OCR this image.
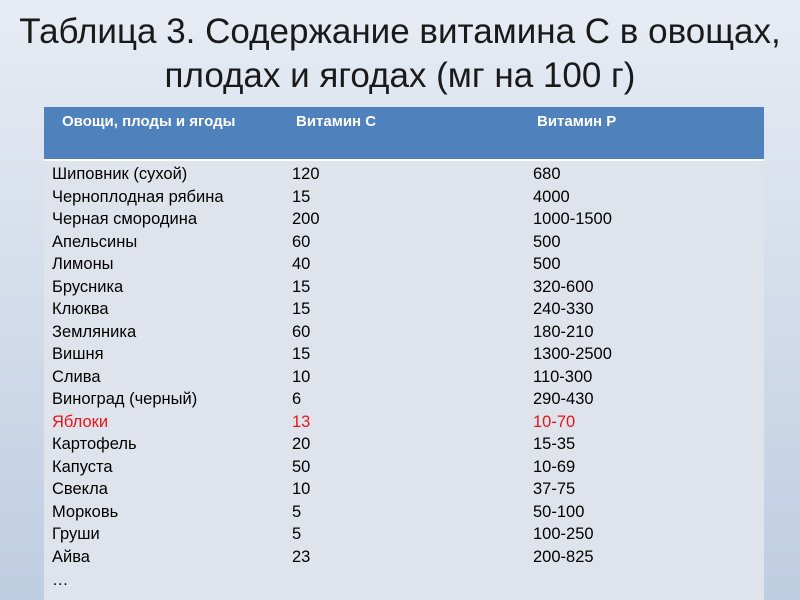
Таблица 3. Содержание витамина С в овощах, плодах и ягодах (мг на 100 г)
Овощи, плоды и ягоды	Витамин С	Витамин Р
Шиповник (сухой)	120	680
Черноплодная рябина	15	4000
Черная смородина	200	1000-1500
Апельсины	60	500
Лимоны	40	500
Брусника	15	320-600
Клюква	15	240-330
Земляника	60	180-210
Вишня	15	1300-2500
Слива	10	110-300
Виноград (черный)	6	290-430
Яблоки	13	10-70
Картофель	20	15-35
Капуста	50	10-69
Свекла	10	37-75
Морковь	5	50-100
Груши	5	100-250
Айва	23	200-825
…
